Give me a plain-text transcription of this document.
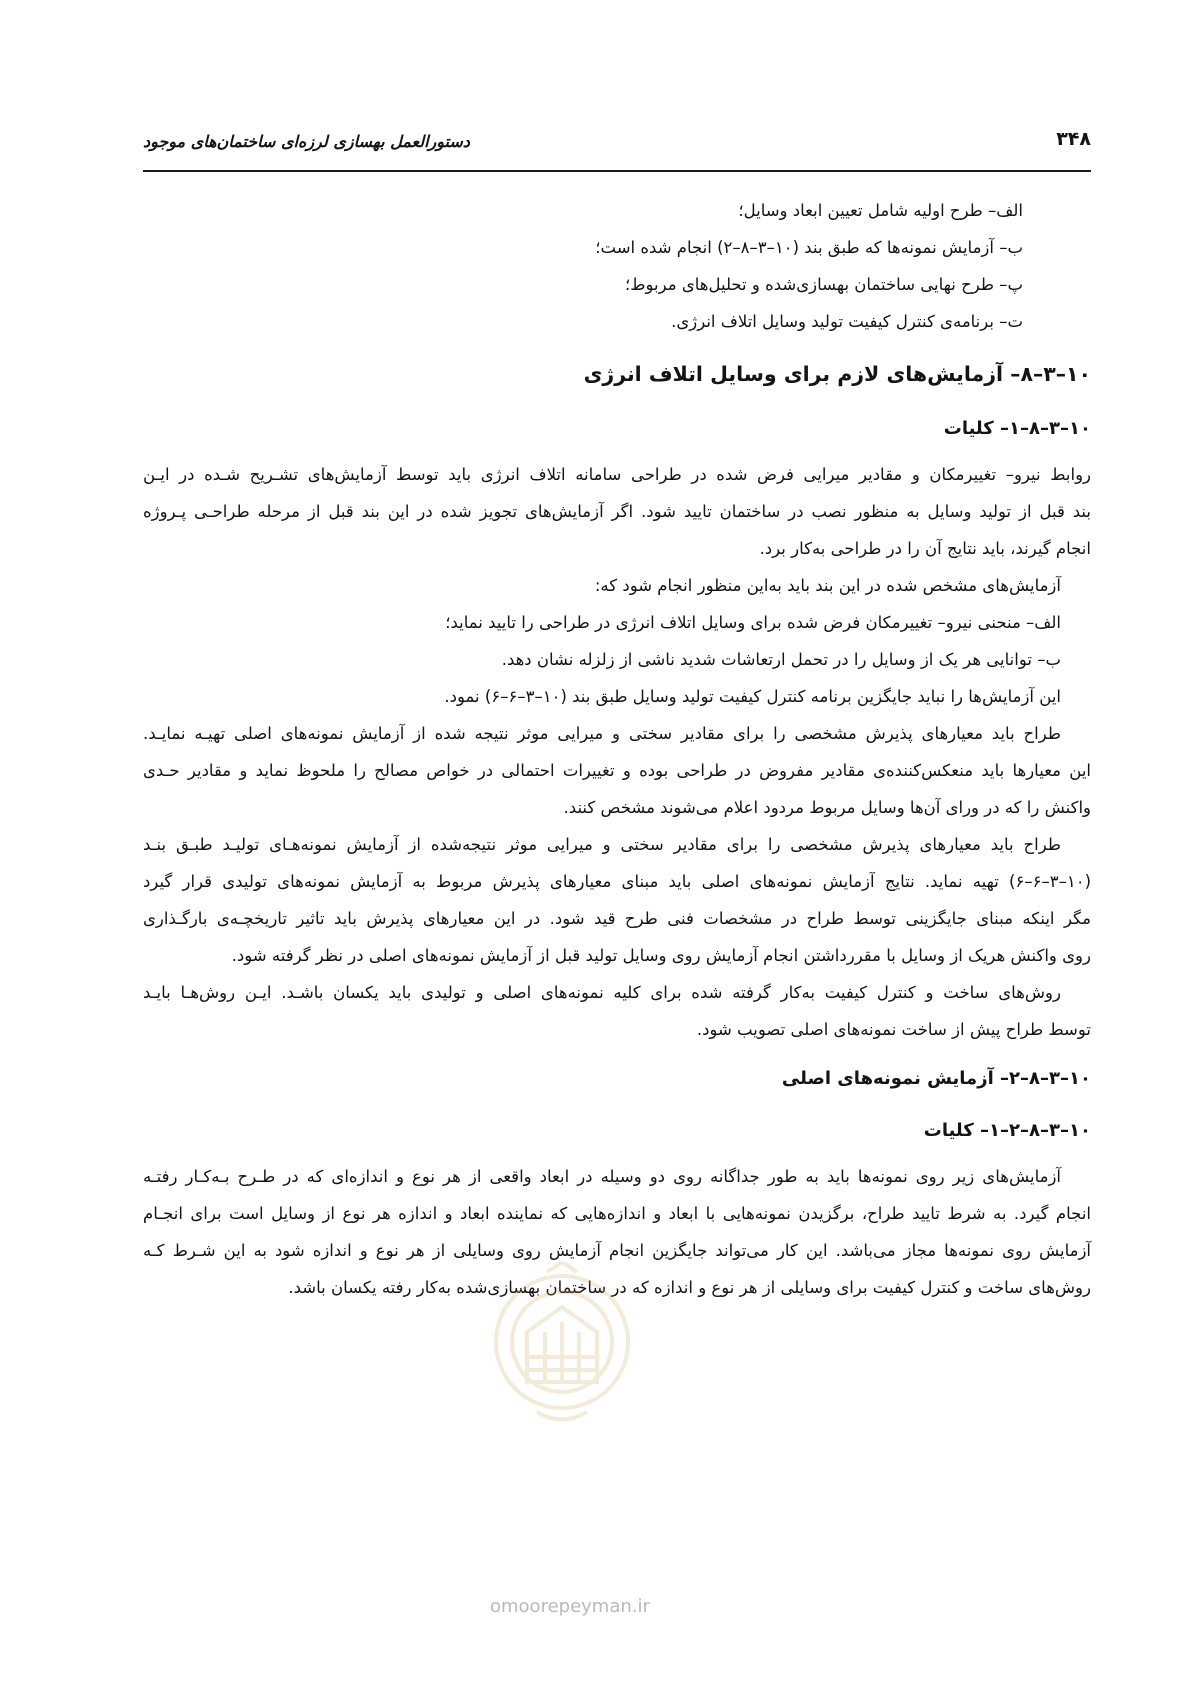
۳۴۸
دستورالعمل بهسازی لرزه‌ای ساختمان‌های موجود

الف– طرح اولیه شامل تعیین ابعاد وسایل؛

ب– آزمایش نمونه‌ها که طبق بند (۱۰–۳–۸–۲) انجام شده است؛

پ– طرح نهایی ساختمان بهسازی‌شده و تحلیل‌های مربوط؛

ت– برنامه‌ی کنترل کیفیت تولید وسایل اتلاف انرژی.

۱۰–۳–۸– آزمایش‌های لازم برای وسایل اتلاف انرژی
۱۰–۳–۸–۱– کلیات

روابط نیرو– تغییرمکان و مقادیر میرایی فرض شده در طراحی سامانه اتلاف انرژی باید توسط آزمایش‌های تشـریح شـده در ایـن

بند قبل از تولید وسایل به منظور نصب در ساختمان تایید شود. اگر آزمایش‌های تجویز شده در این بند قبل از مرحله طراحـی پـروژه

انجام گیرند، باید نتایج آن را در طراحی به‌کار برد.

آزمایش‌های مشخص شده در این بند باید به‌این منظور انجام شود که:

الف– منحنی نیرو– تغییرمکان فرض شده برای وسایل اتلاف انرژی در طراحی را تایید نماید؛

ب– توانایی هر یک از وسایل را در تحمل ارتعاشات شدید ناشی از زلزله نشان دهد.

این آزمایش‌ها را نباید جایگزین برنامه کنترل کیفیت تولید وسایل طبق بند (۱۰–۳–۶–۶) نمود.

طراح باید معیارهای پذیرش مشخصی را برای مقادیر سختی و میرایی موثر نتیجه شده از آزمایش نمونه‌های اصلی تهیـه نمایـد.

این معیارها باید منعکس‌کننده‌ی مقادیر مفروض در طراحی بوده و تغییرات احتمالی در خواص مصالح را ملحوظ نماید و مقادیر حـدی

واکنش را که در ورای آن‌ها وسایل مربوط مردود اعلام می‌شوند مشخص کنند.

طراح باید معیارهای پذیرش مشخصی را برای مقادیر سختی و میرایی موثر نتیجه‌شده از آزمایش نمونه‌هـای تولیـد طبـق بنـد

(۱۰–۳–۶–۶) تهیه نماید. نتایج آزمایش نمونه‌های اصلی باید مبنای معیارهای پذیرش مربوط به آزمایش نمونه‌های تولیدی قرار گیرد

مگر اینکه مبنای جایگزینی توسط طراح در مشخصات فنی طرح قید شود. در این معیارهای پذیرش باید تاثیر تاریخچـه‌ی بارگـذاری

روی واکنش هریک از وسایل با مقررداشتن انجام آزمایش روی وسایل تولید قبل از آزمایش نمونه‌های اصلی در نظر گرفته شود.

روش‌های ساخت و کنترل کیفیت به‌کار گرفته شده برای کلیه نمونه‌های اصلی و تولیدی باید یکسان باشـد. ایـن روش‌هـا بایـد

توسط طراح پیش از ساخت نمونه‌های اصلی تصویب شود.

۱۰–۳–۸–۲– آزمایش نمونه‌های اصلی
۱۰–۳–۸–۲–۱– کلیات

آزمایش‌های زیر روی نمونه‌ها باید به طور جداگانه روی دو وسیله در ابعاد واقعی از هر نوع و اندازه‌ای که در طـرح بـه‌کـار رفتـه

انجام گیرد. به شرط تایید طراح، برگزیدن نمونه‌هایی با ابعاد و اندازه‌هایی که نماینده ابعاد و اندازه هر نوع از وسایل است برای انجـام

آزمایش روی نمونه‌ها مجاز می‌باشد. این کار می‌تواند جایگزین انجام آزمایش روی وسایلی از هر نوع و اندازه شود به این شـرط کـه

روش‌های ساخت و کنترل کیفیت برای وسایلی از هر نوع و اندازه که در ساختمان بهسازی‌شده به‌کار رفته یکسان باشد.

omoorepeyman.ir
